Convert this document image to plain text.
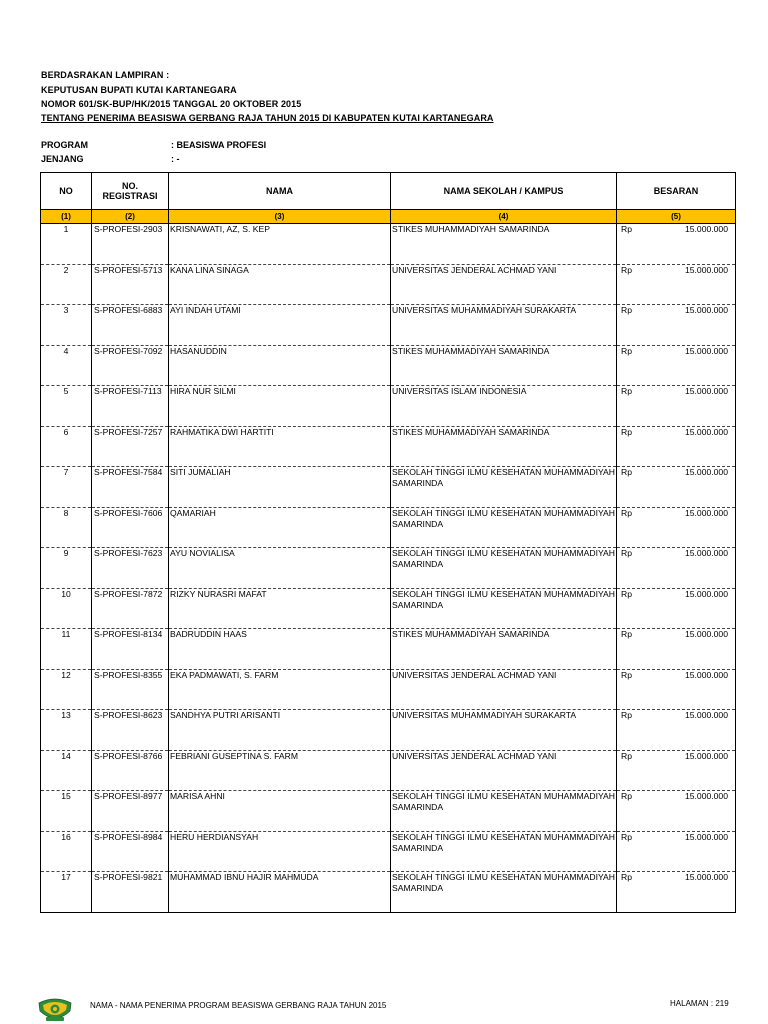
BERDASRAKAN LAMPIRAN :
KEPUTUSAN BUPATI KUTAI KARTANEGARA
NOMOR 601/SK-BUP/HK/2015 TANGGAL 20 OKTOBER 2015
TENTANG PENERIMA BEASISWA GERBANG RAJA TAHUN 2015 DI KABUPATEN KUTAI KARTANEGARA
PROGRAM	: BEASISWA PROFESI
JENJANG	: -
NO	NO. REGISTRASI	NAMA	NAMA SEKOLAH / KAMPUS	BESARAN
(1)	(2)	(3)	(4)	(5)
1	S-PROFESI-2903	KRISNAWATI, AZ, S. KEP	STIKES MUHAMMADIYAH SAMARINDA	Rp 15.000.000

2	S-PROFESI-5713	KANA LINA SINAGA	UNIVERSITAS JENDERAL ACHMAD YANI	Rp 15.000.000

3	S-PROFESI-6883	AYI INDAH UTAMI	UNIVERSITAS MUHAMMADIYAH SURAKARTA	Rp 15.000.000

4	S-PROFESI-7092	HASANUDDIN	STIKES MUHAMMADIYAH SAMARINDA	Rp 15.000.000

5	S-PROFESI-7113	HIRA NUR SILMI	UNIVERSITAS ISLAM INDONESIA	Rp 15.000.000

6	S-PROFESI-7257	RAHMATIKA DWI HARTITI	STIKES MUHAMMADIYAH SAMARINDA	Rp 15.000.000

7	S-PROFESI-7584	SITI JUMALIAH	SEKOLAH TINGGI ILMU KESEHATAN MUHAMMADIYAH SAMARINDA	Rp 15.000.000

8	S-PROFESI-7606	QAMARIAH	SEKOLAH TINGGI ILMU KESEHATAN MUHAMMADIYAH SAMARINDA	Rp 15.000.000

9	S-PROFESI-7623	AYU NOVIALISA	SEKOLAH TINGGI ILMU KESEHATAN MUHAMMADIYAH SAMARINDA	Rp 15.000.000

10	S-PROFESI-7872	RIZKY NURASRI MAFAT	SEKOLAH TINGGI ILMU KESEHATAN MUHAMMADIYAH SAMARINDA	Rp 15.000.000

11	S-PROFESI-8134	BADRUDDIN HAAS	STIKES MUHAMMADIYAH SAMARINDA	Rp 15.000.000

12	S-PROFESI-8355	EKA PADMAWATI, S. FARM	UNIVERSITAS JENDERAL ACHMAD YANI	Rp 15.000.000

13	S-PROFESI-8623	SANDHYA PUTRI ARISANTI	UNIVERSITAS MUHAMMADIYAH SURAKARTA	Rp 15.000.000

14	S-PROFESI-8766	FEBRIANI GUSEPTINA S. FARM	UNIVERSITAS JENDERAL ACHMAD YANI	Rp 15.000.000

15	S-PROFESI-8977	MARISA AHNI	SEKOLAH TINGGI ILMU KESEHATAN MUHAMMADIYAH SAMARINDA	Rp 15.000.000

16	S-PROFESI-8984	HERU HERDIANSYAH	SEKOLAH TINGGI ILMU KESEHATAN MUHAMMADIYAH SAMARINDA	Rp 15.000.000

17	S-PROFESI-9821	MUHAMMAD IBNU HAJIR MAHMUDA	SEKOLAH TINGGI ILMU KESEHATAN MUHAMMADIYAH SAMARINDA	Rp 15.000.000
NAMA - NAMA PENERIMA PROGRAM BEASISWA GERBANG RAJA TAHUN 2015	HALAMAN : 219
